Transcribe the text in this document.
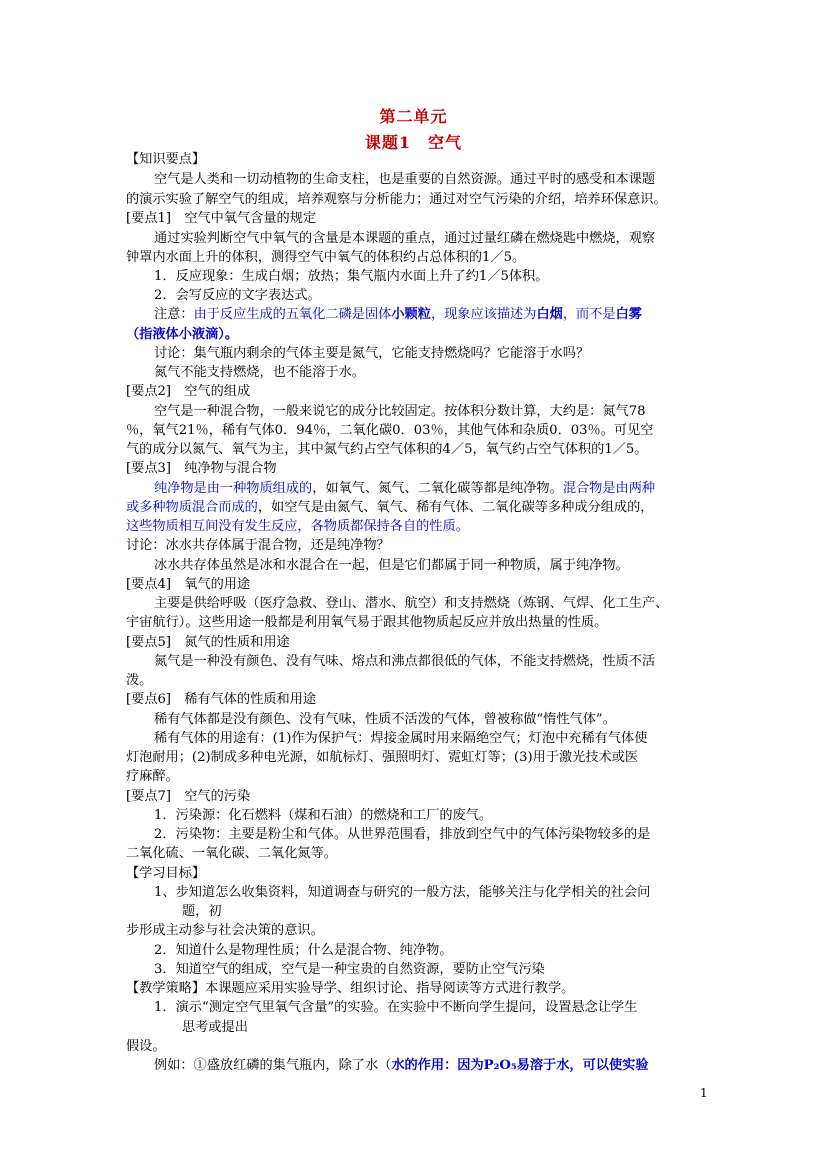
第二单元
课题1　空气
【知识要点】
空气是人类和一切动植物的生命支柱，也是重要的自然资源。通过平时的感受和本课题
的演示实验了解空气的组成，培养观察与分析能力；通过对空气污染的介绍，培养环保意识。
[要点1]　空气中氧气含量的规定
通过实验判断空气中氧气的含量是本课题的重点，通过过量红磷在燃烧匙中燃烧，观察
钟罩内水面上升的体积，测得空气中氧气的体积约占总体积的1／5。
1．反应现象：生成白烟；放热；集气瓶内水面上升了约1／5体积。
2．会写反应的文字表达式。
注意：由于反应生成的五氧化二磷是固体小颗粒，现象应该描述为白烟，而不是白雾
（指液体小液滴）。
讨论：集气瓶内剩余的气体主要是氮气，它能支持燃烧吗？它能溶于水吗？
氮气不能支持燃烧，也不能溶于水。
[要点2]　空气的组成
空气是一种混合物，一般来说它的成分比较固定。按体积分数计算，大约是：氮气78
％，氧气21％，稀有气体0．94％，二氧化碳0．03％，其他气体和杂质0．03％。可见空
气的成分以氮气、氧气为主，其中氮气约占空气体积的4／5，氧气约占空气体积的1／5。
[要点3]　纯净物与混合物
纯净物是由一种物质组成的，如氧气、氮气、二氧化碳等都是纯净物。混合物是由两种
或多种物质混合而成的，如空气是由氮气、氧气、稀有气体、二氧化碳等多种成分组成的，
这些物质相互间没有发生反应，各物质都保持各自的性质。
讨论：冰水共存体属于混合物，还是纯净物？
冰水共存体虽然是冰和水混合在一起，但是它们都属于同一种物质，属于纯净物。
[要点4]　氧气的用途
主要是供给呼吸（医疗急救、登山、潜水、航空）和支持燃烧（炼钢、气焊、化工生产、
宇宙航行）。这些用途一般都是利用氧气易于跟其他物质起反应并放出热量的性质。
[要点5]　氮气的性质和用途
氮气是一种没有颜色、没有气味、熔点和沸点都很低的气体，不能支持燃烧，性质不活
泼。
[要点6]　稀有气体的性质和用途
稀有气体都是没有颜色、没有气味，性质不活泼的气体，曾被称做“惰性气体”。
稀有气体的用途有：(1)作为保护气：焊接金属时用来隔绝空气；灯泡中充稀有气体使
灯泡耐用；(2)制成多种电光源，如航标灯、强照明灯、霓虹灯等；(3)用于激光技术或医
疗麻醉。
[要点7]　空气的污染
1．污染源：化石燃料（煤和石油）的燃烧和工厂的废气。
2．污染物：主要是粉尘和气体。从世界范围看，排放到空气中的气体污染物较多的是
二氧化硫、一氧化碳、二氧化氮等。
【学习目标】
1、步知道怎么收集资料，知道调查与研究的一般方法，能够关注与化学相关的社会问
题，初
步形成主动参与社会决策的意识。
2．知道什么是物理性质；什么是混合物、纯净物。
3．知道空气的组成，空气是一种宝贵的自然资源，要防止空气污染
【教学策略】本课题应采用实验导学、组织讨论、指导阅读等方式进行教学。
1．演示“测定空气里氧气含量”的实验。在实验中不断向学生提问，设置悬念让学生
思考或提出
假设。
例如：①盛放红磷的集气瓶内，除了水（水的作用：因为P₂O₅易溶于水，可以使实验
1
